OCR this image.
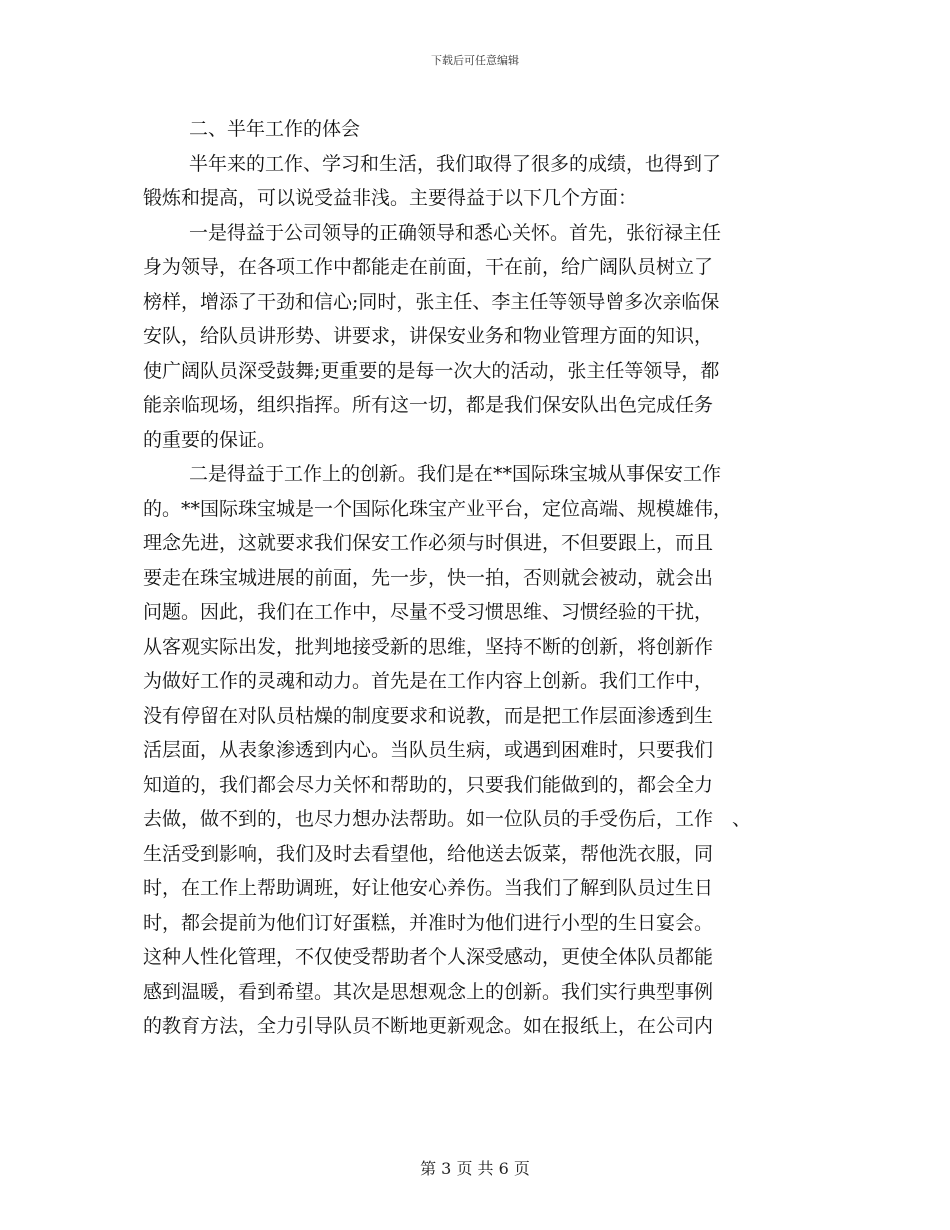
下载后可任意编辑
二、半年工作的体会
半年来的工作、学习和生活，我们取得了很多的成绩，也得到了
锻炼和提高，可以说受益非浅。主要得益于以下几个方面：
一是得益于公司领导的正确领导和悉心关怀。首先，张衍禄主任
身为领导，在各项工作中都能走在前面，干在前，给广阔队员树立了
榜样，增添了干劲和信心;同时，张主任、李主任等领导曾多次亲临保
安队，给队员讲形势、讲要求，讲保安业务和物业管理方面的知识，
使广阔队员深受鼓舞;更重要的是每一次大的活动，张主任等领导，都
能亲临现场，组织指挥。所有这一切，都是我们保安队出色完成任务
的重要的保证。
二是得益于工作上的创新。我们是在**国际珠宝城从事保安工作
的。**国际珠宝城是一个国际化珠宝产业平台，定位高端、规模雄伟，
理念先进，这就要求我们保安工作必须与时俱进，不但要跟上，而且
要走在珠宝城进展的前面，先一步，快一拍，否则就会被动，就会出
问题。因此，我们在工作中，尽量不受习惯思维、习惯经验的干扰，
从客观实际出发，批判地接受新的思维，坚持不断的创新，将创新作
为做好工作的灵魂和动力。首先是在工作内容上创新。我们工作中，
没有停留在对队员枯燥的制度要求和说教，而是把工作层面渗透到生
活层面，从表象渗透到内心。当队员生病，或遇到困难时，只要我们
知道的，我们都会尽力关怀和帮助的，只要我们能做到的，都会全力
去做，做不到的，也尽力想办法帮助。如一位队员的手受伤后，工作　、
生活受到影响，我们及时去看望他，给他送去饭菜，帮他洗衣服，同
时，在工作上帮助调班，好让他安心养伤。当我们了解到队员过生日
时，都会提前为他们订好蛋糕，并准时为他们进行小型的生日宴会。
这种人性化管理，不仅使受帮助者个人深受感动，更使全体队员都能
感到温暖，看到希望。其次是思想观念上的创新。我们实行典型事例
的教育方法，全力引导队员不断地更新观念。如在报纸上，在公司内
第 3 页 共 6 页
